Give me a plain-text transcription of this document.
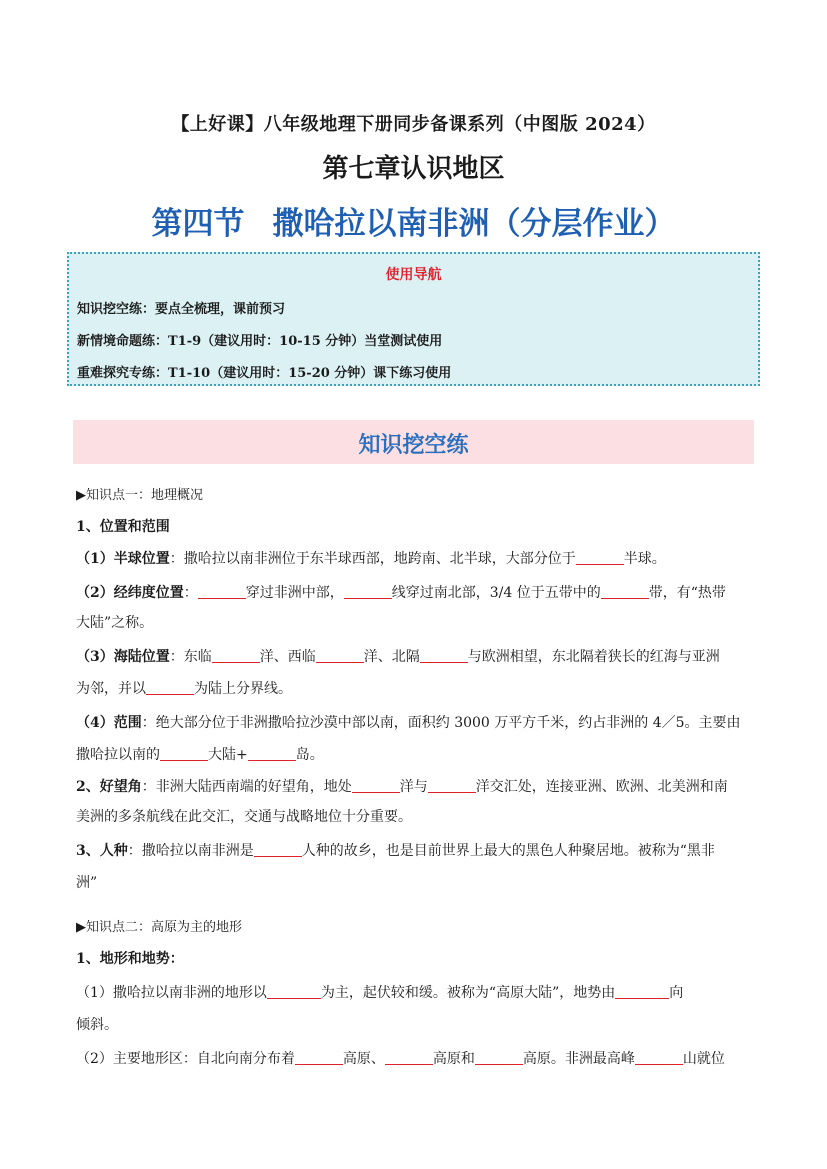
【上好课】八年级地理下册同步备课系列（中图版 2024）
第七章认识地区
第四节 撒哈拉以南非洲（分层作业）
使用导航
知识挖空练：要点全梳理，课前预习
新情境命题练：T1-9（建议用时：10-15 分钟）当堂测试使用
重难探究专练：T1-10（建议用时：15-20 分钟）课下练习使用
知识挖空练
▶知识点一：地理概况
1、位置和范围
（1）半球位置：撒哈拉以南非洲位于东半球西部，地跨南、北半球，大部分位于	半球。
（2）经纬度位置：	穿过非洲中部，	线穿过南北部，3/4 位于五带中的	带，有“热带
大陆”之称。
（3）海陆位置：东临	洋、西临	洋、北隔	与欧洲相望，东北隔着狭长的红海与亚洲
为邻，并以	为陆上分界线。
（4）范围：绝大部分位于非洲撒哈拉沙漠中部以南，面积约 3000 万平方千米，约占非洲的 4／5。主要由
撒哈拉以南的	大陆+	岛。
2、好望角：非洲大陆西南端的好望角，地处	洋与	洋交汇处，连接亚洲、欧洲、北美洲和南
美洲的多条航线在此交汇，交通与战略地位十分重要。
3、人种：撒哈拉以南非洲是	人种的故乡，也是目前世界上最大的黑色人种聚居地。被称为“黑非
洲”
▶知识点二：高原为主的地形
1、地形和地势：
（1）撒哈拉以南非洲的地形以	为主，起伏较和缓。被称为“高原大陆”，地势由	向
倾斜。
（2）主要地形区：自北向南分布着	高原、	高原和	高原。非洲最高峰	山就位
